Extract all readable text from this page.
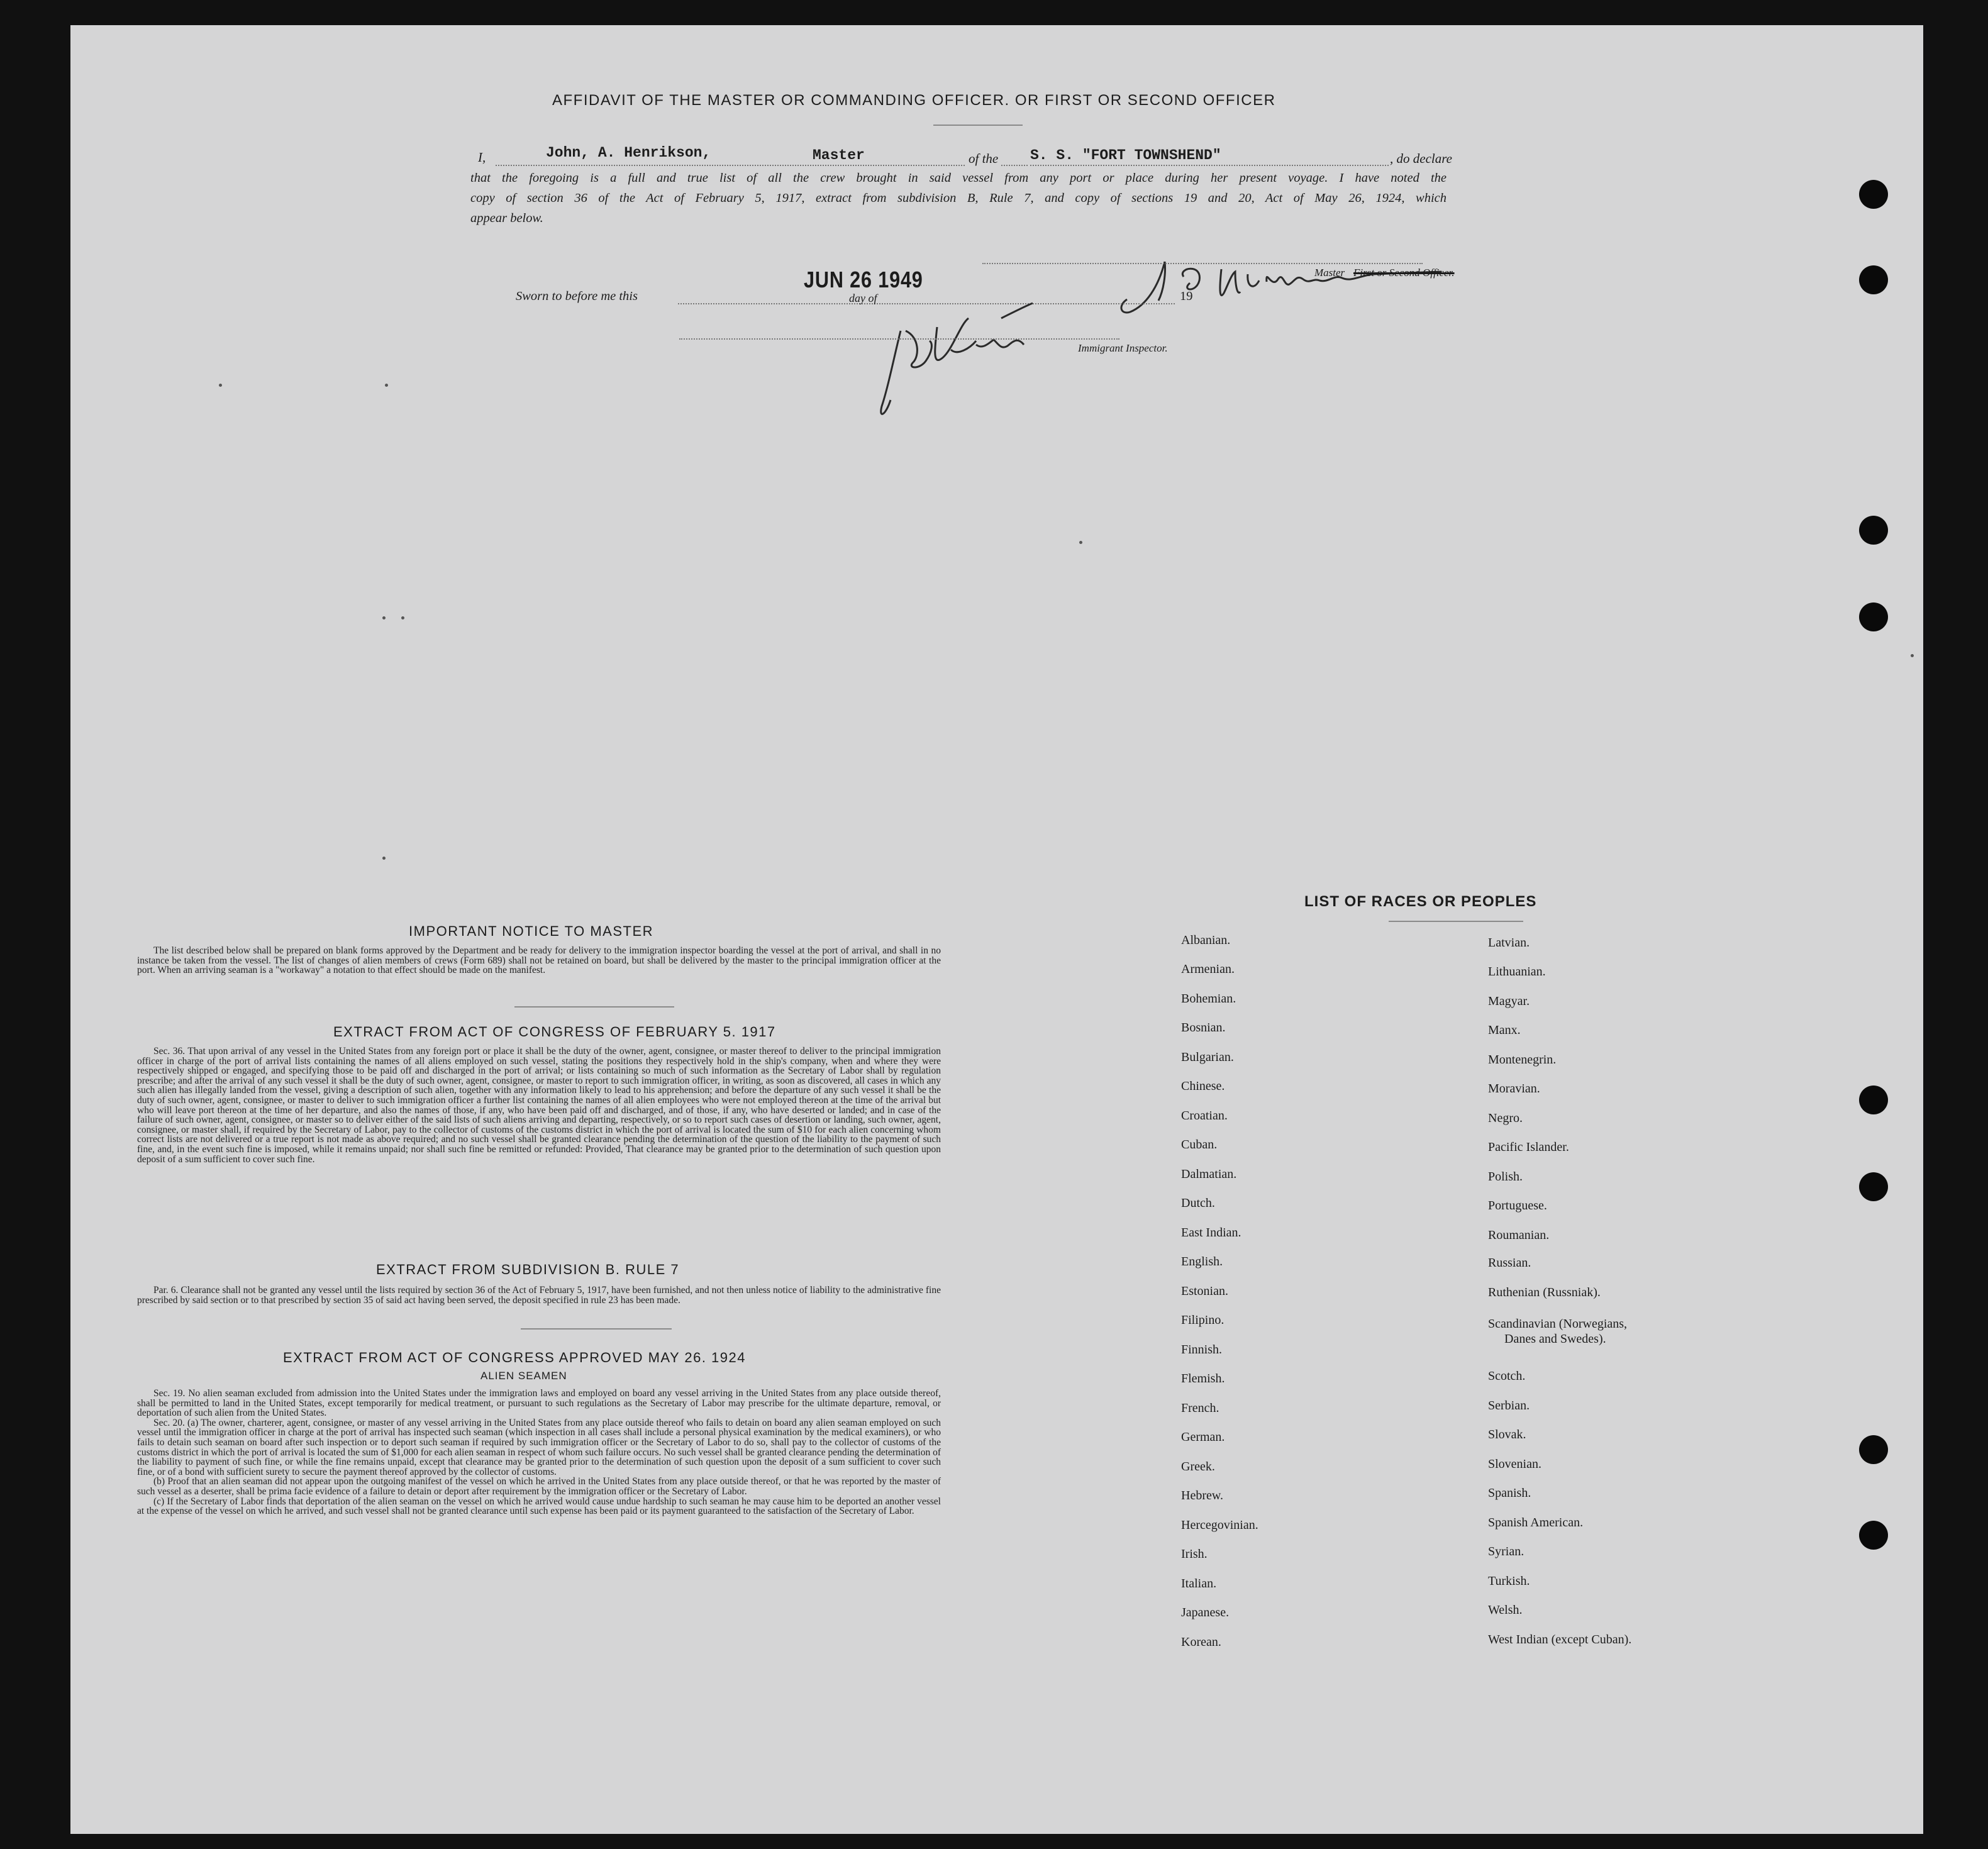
AFFIDAVIT OF THE MASTER OR COMMANDING OFFICER. OR FIRST OR SECOND OFFICER
I,	John, A. Henrikson,	Master	of the S. S. "FORT TOWNSHEND"	, do declare
that the foregoing is a full and true list of all the crew brought in said vessel from any port or place during her present voyage. I have noted the
copy of section 36 of the Act of February 5, 1917, extract from subdivision B, Rule 7, and copy of sections 19 and 20, Act of May 26, 1924, which
appear below.
Master First or Second Officer.
Sworn to before me this
JUN 26 1949
day of	19
Immigrant Inspector.
IMPORTANT NOTICE TO MASTER

The list described below shall be prepared on blank forms approved by the Department and be ready for delivery to the immigration inspector boarding the vessel at the port of arrival, and shall in no instance be taken from the vessel. The list of changes of alien members of crews (Form 689) shall not be retained on board, but shall be delivered by the master to the principal immigration officer at the port. When an arriving seaman is a "workaway" a notation to that effect should be made on the manifest.

EXTRACT FROM ACT OF CONGRESS OF FEBRUARY 5. 1917

Sec. 36. That upon arrival of any vessel in the United States from any foreign port or place it shall be the duty of the owner, agent, consignee, or master thereof to deliver to the principal immigration officer in charge of the port of arrival lists containing the names of all aliens employed on such vessel, stating the positions they respectively hold in the ship's company, when and where they were respectively shipped or engaged, and specifying those to be paid off and discharged in the port of arrival; or lists containing so much of such information as the Secretary of Labor shall by regulation prescribe; and after the arrival of any such vessel it shall be the duty of such owner, agent, consignee, or master to report to such immigration officer, in writing, as soon as discovered, all cases in which any such alien has illegally landed from the vessel, giving a description of such alien, together with any information likely to lead to his apprehension; and before the departure of any such vessel it shall be the duty of such owner, agent, consignee, or master to deliver to such immigration officer a further list containing the names of all alien employees who were not employed thereon at the time of the arrival but who will leave port thereon at the time of her departure, and also the names of those, if any, who have been paid off and discharged, and of those, if any, who have deserted or landed; and in case of the failure of such owner, agent, consignee, or master so to deliver either of the said lists of such aliens arriving and departing, respectively, or so to report such cases of desertion or landing, such owner, agent, consignee, or master shall, if required by the Secretary of Labor, pay to the collector of customs of the customs district in which the port of arrival is located the sum of $10 for each alien concerning whom correct lists are not delivered or a true report is not made as above required; and no such vessel shall be granted clearance pending the determination of the question of the liability to the payment of such fine, and, in the event such fine is imposed, while it remains unpaid; nor shall such fine be remitted or refunded: Provided, That clearance may be granted prior to the determination of such question upon deposit of a sum sufficient to cover such fine.

EXTRACT FROM SUBDIVISION B. RULE 7

Par. 6. Clearance shall not be granted any vessel until the lists required by section 36 of the Act of February 5, 1917, have been furnished, and not then unless notice of liability to the administrative fine prescribed by said section or to that prescribed by section 35 of said act having been served, the deposit specified in rule 23 has been made.

EXTRACT FROM ACT OF CONGRESS APPROVED MAY 26. 1924
ALIEN SEAMEN

Sec. 19. No alien seaman excluded from admission into the United States under the immigration laws and employed on board any vessel arriving in the United States from any place outside thereof, shall be permitted to land in the United States, except temporarily for medical treatment, or pursuant to such regulations as the Secretary of Labor may prescribe for the ultimate departure, removal, or deportation of such alien from the United States.

Sec. 20. (a) The owner, charterer, agent, consignee, or master of any vessel arriving in the United States from any place outside thereof who fails to detain on board any alien seaman employed on such vessel until the immigration officer in charge at the port of arrival has inspected such seaman (which inspection in all cases shall include a personal physical examination by the medical examiners), or who fails to detain such seaman on board after such inspection or to deport such seaman if required by such immigration officer or the Secretary of Labor to do so, shall pay to the collector of customs of the customs district in which the port of arrival is located the sum of $1,000 for each alien seaman in respect of whom such failure occurs. No such vessel shall be granted clearance pending the determination of the liability to payment of such fine, or while the fine remains unpaid, except that clearance may be granted prior to the determination of such question upon the deposit of a sum sufficient to cover such fine, or of a bond with sufficient surety to secure the payment thereof approved by the collector of customs.

(b) Proof that an alien seaman did not appear upon the outgoing manifest of the vessel on which he arrived in the United States from any place outside thereof, or that he was reported by the master of such vessel as a deserter, shall be prima facie evidence of a failure to detain or deport after requirement by the immigration officer or the Secretary of Labor.

(c) If the Secretary of Labor finds that deportation of the alien seaman on the vessel on which he arrived would cause undue hardship to such seaman he may cause him to be deported an another vessel at the expense of the vessel on which he arrived, and such vessel shall not be granted clearance until such expense has been paid or its payment guaranteed to the satisfaction of the Secretary of Labor.

LIST OF RACES OR PEOPLES
Albanian.
Armenian.
Bohemian.
Bosnian.
Bulgarian.
Chinese.
Croatian.
Cuban.
Dalmatian.
Dutch.
East Indian.
English.
Estonian.
Filipino.
Finnish.
Flemish.
French.
German.
Greek.
Hebrew.
Hercegovinian.
Irish.
Italian.
Japanese.
Korean.
Latvian.
Lithuanian.
Magyar.
Manx.
Montenegrin.
Moravian.
Negro.
Pacific Islander.
Polish.
Portuguese.
Roumanian.
Russian.
Ruthenian (Russniak).
Scandinavian (Norwegians,
Danes and Swedes).
Scotch.
Serbian.
Slovak.
Slovenian.
Spanish.
Spanish American.
Syrian.
Turkish.
Welsh.
West Indian (except Cuban).
